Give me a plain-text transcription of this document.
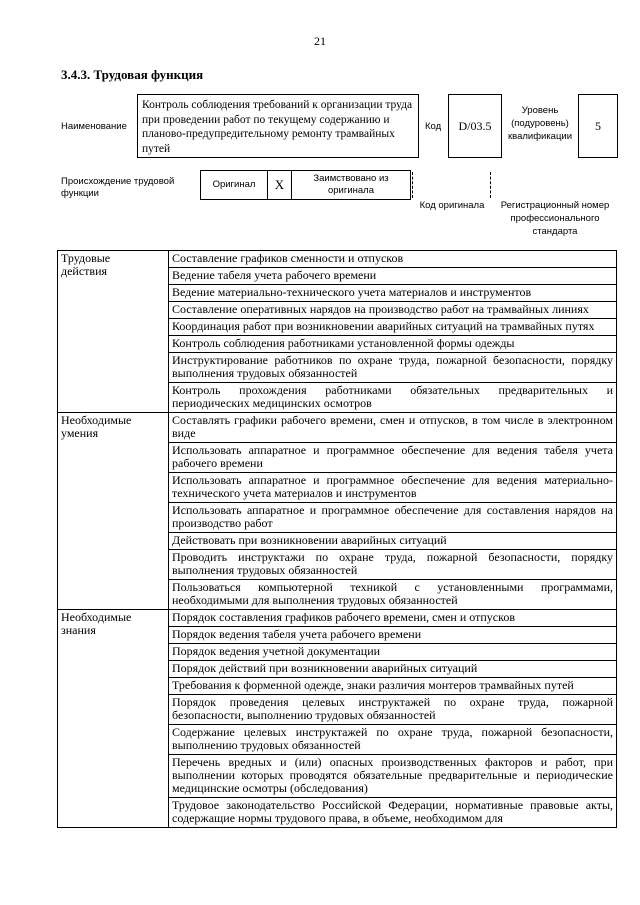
21
3.4.3. Трудовая функция
Наименование
Контроль соблюдения требований к организации труда при проведении работ по текущему содержанию и планово-предупредительному ремонту трамвайных путей
Код	D/03.5
Уровень (подуровень) квалификации
5
Происхождение трудовой функции
Оригинал	X	Заимствовано из оригинала
Код оригинала	Регистрационный номер профессионального стандарта
Трудовые
действия	Составление графиков сменности и отпусков
	Ведение табеля учета рабочего времени
	Ведение материально-технического учета материалов и инструментов
	Составление оперативных нарядов на производство работ на трамвайных линиях
	Координация работ при возникновении аварийных ситуаций на трамвайных путях
	Контроль соблюдения работниками установленной формы одежды
	Инструктирование работников по охране труда, пожарной безопасности, порядку выполнения трудовых обязанностей
	Контроль прохождения работниками обязательных предварительных и периодических медицинских осмотров

Необходимые
умения	Составлять графики рабочего времени, смен и отпусков, в том числе в электронном виде
	Использовать аппаратное и программное обеспечение для ведения табеля учета рабочего времени
	Использовать аппаратное и программное обеспечение для ведения материально-технического учета материалов и инструментов
	Использовать аппаратное и программное обеспечение для составления нарядов на производство работ
	Действовать при возникновении аварийных ситуаций
	Проводить инструктажи по охране труда, пожарной безопасности, порядку выполнения трудовых обязанностей
	Пользоваться компьютерной техникой с установленными программами, необходимыми для выполнения трудовых обязанностей

Необходимые
знания	Порядок составления графиков рабочего времени, смен и отпусков
	Порядок ведения табеля учета рабочего времени
	Порядок ведения учетной документации
	Порядок действий при возникновении аварийных ситуаций
	Требования к форменной одежде, знаки различия монтеров трамвайных путей
	Порядок проведения целевых инструктажей по охране труда, пожарной безопасности, выполнению трудовых обязанностей
	Содержание целевых инструктажей по охране труда, пожарной безопасности, выполнению трудовых обязанностей
	Перечень вредных и (или) опасных производственных факторов и работ, при выполнении которых проводятся обязательные предварительные и периодические медицинские осмотры (обследования)
	Трудовое законодательство Российской Федерации, нормативные правовые акты, содержащие нормы трудового права, в объеме, необходимом для
